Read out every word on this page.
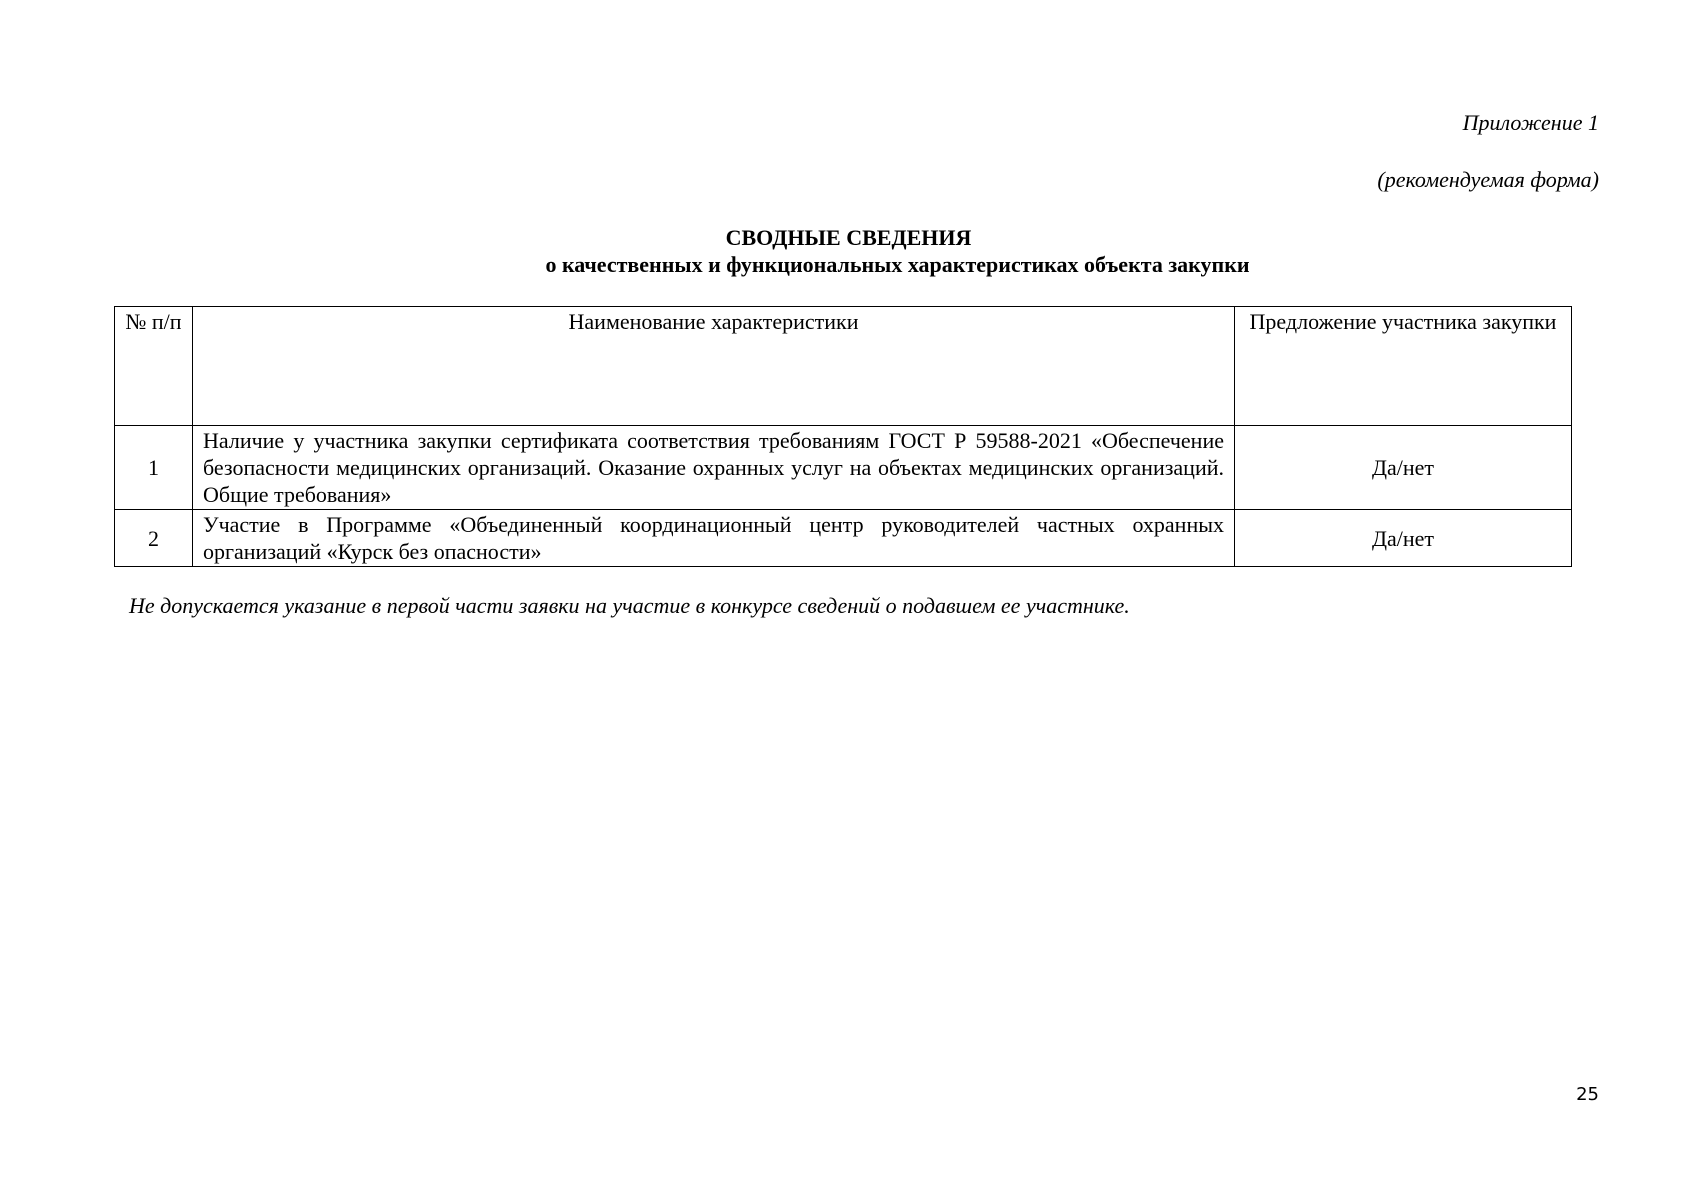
Приложение 1
(рекомендуемая форма)
СВОДНЫЕ СВЕДЕНИЯ
о качественных и функциональных характеристиках объекта закупки
№ п/п	Наименование характеристики	Предложение участника закупки
1	Наличие у участника закупки сертификата соответствия требованиям ГОСТ Р 59588-2021 «Обеспечение безопасности медицинских организаций. Оказание охранных услуг на объектах медицинских организаций. Общие требования»	Да/нет
2	Участие в Программе «Объединенный координационный центр руководителей частных охранных организаций «Курск без опасности»	Да/нет
Не допускается указание в первой части заявки на участие в конкурсе сведений о подавшем ее участнике.
25
